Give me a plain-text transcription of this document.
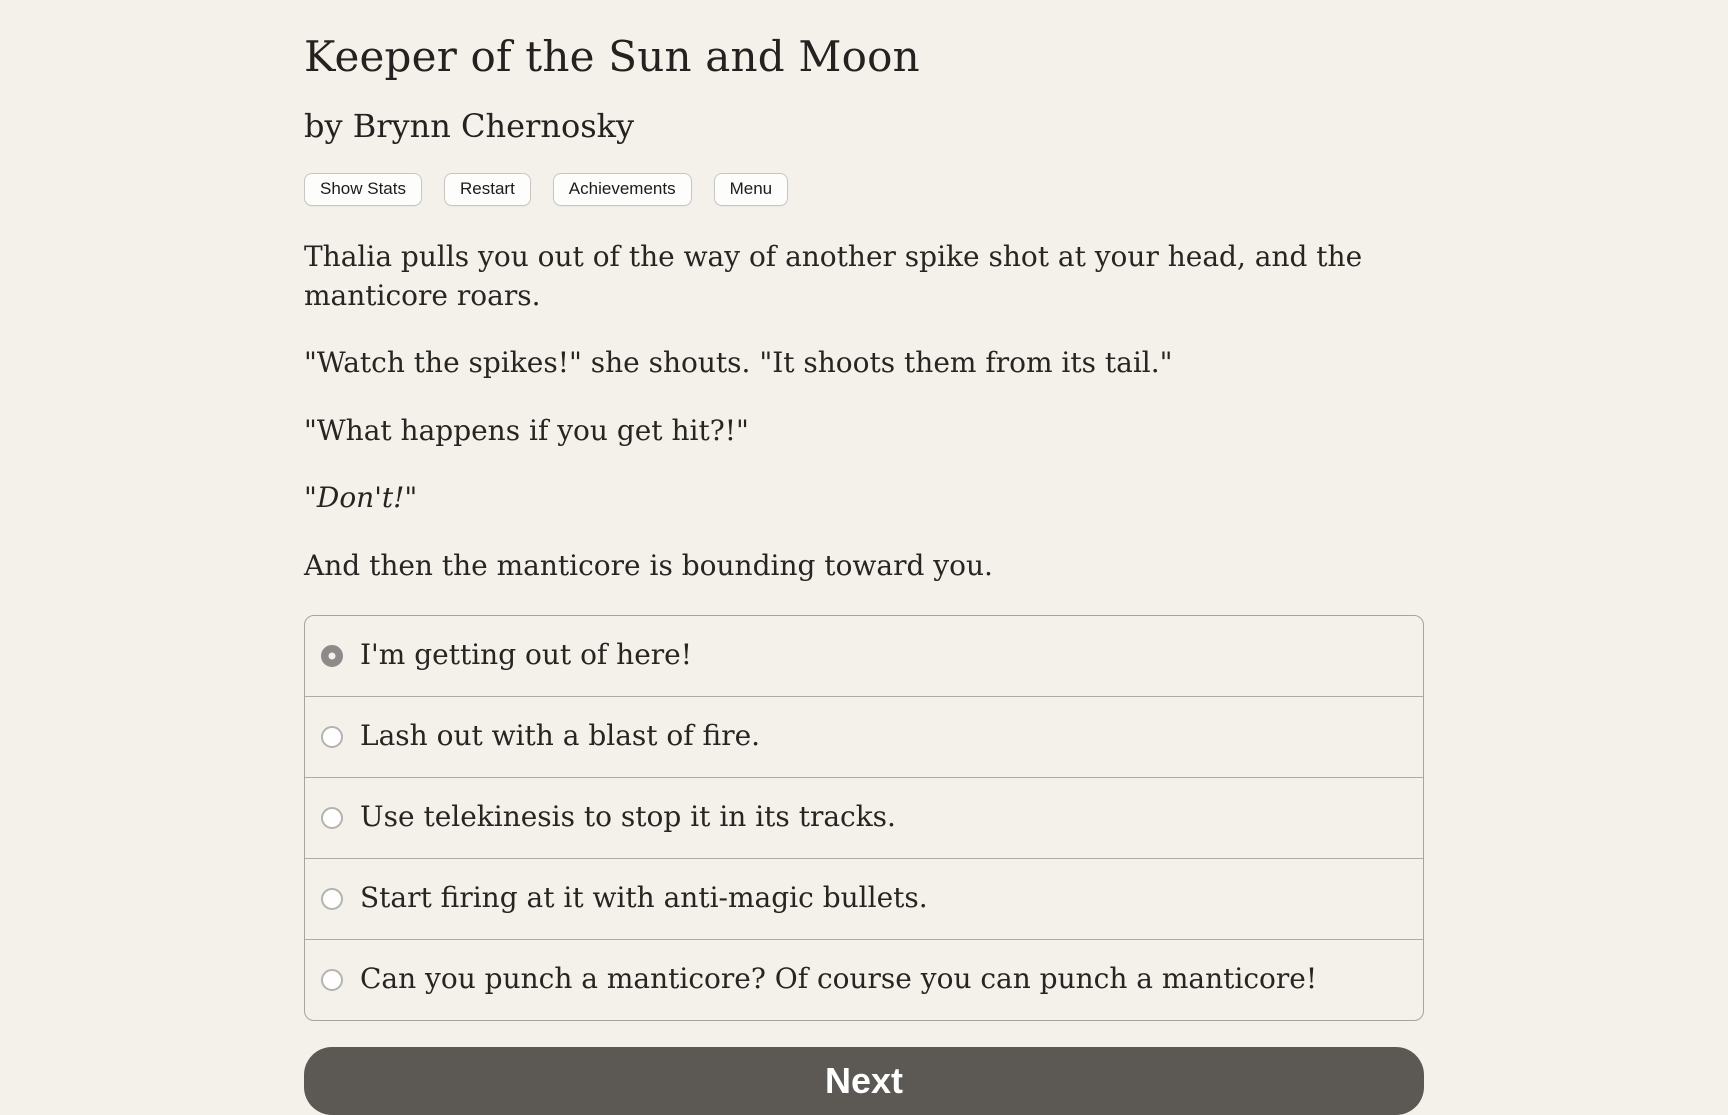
Keeper of the Sun and Moon
by Brynn Chernosky
Show Stats	Restart	Achievements	Menu

Thalia pulls you out of the way of another spike shot at your head, and the manticore roars.

"Watch the spikes!" she shouts. "It shoots them from its tail."

"What happens if you get hit?!"

"Don't!"

And then the manticore is bounding toward you.

I'm getting out of here!
Lash out with a blast of fire.
Use telekinesis to stop it in its tracks.
Start firing at it with anti-magic bullets.
Can you punch a manticore? Of course you can punch a manticore!
Next
